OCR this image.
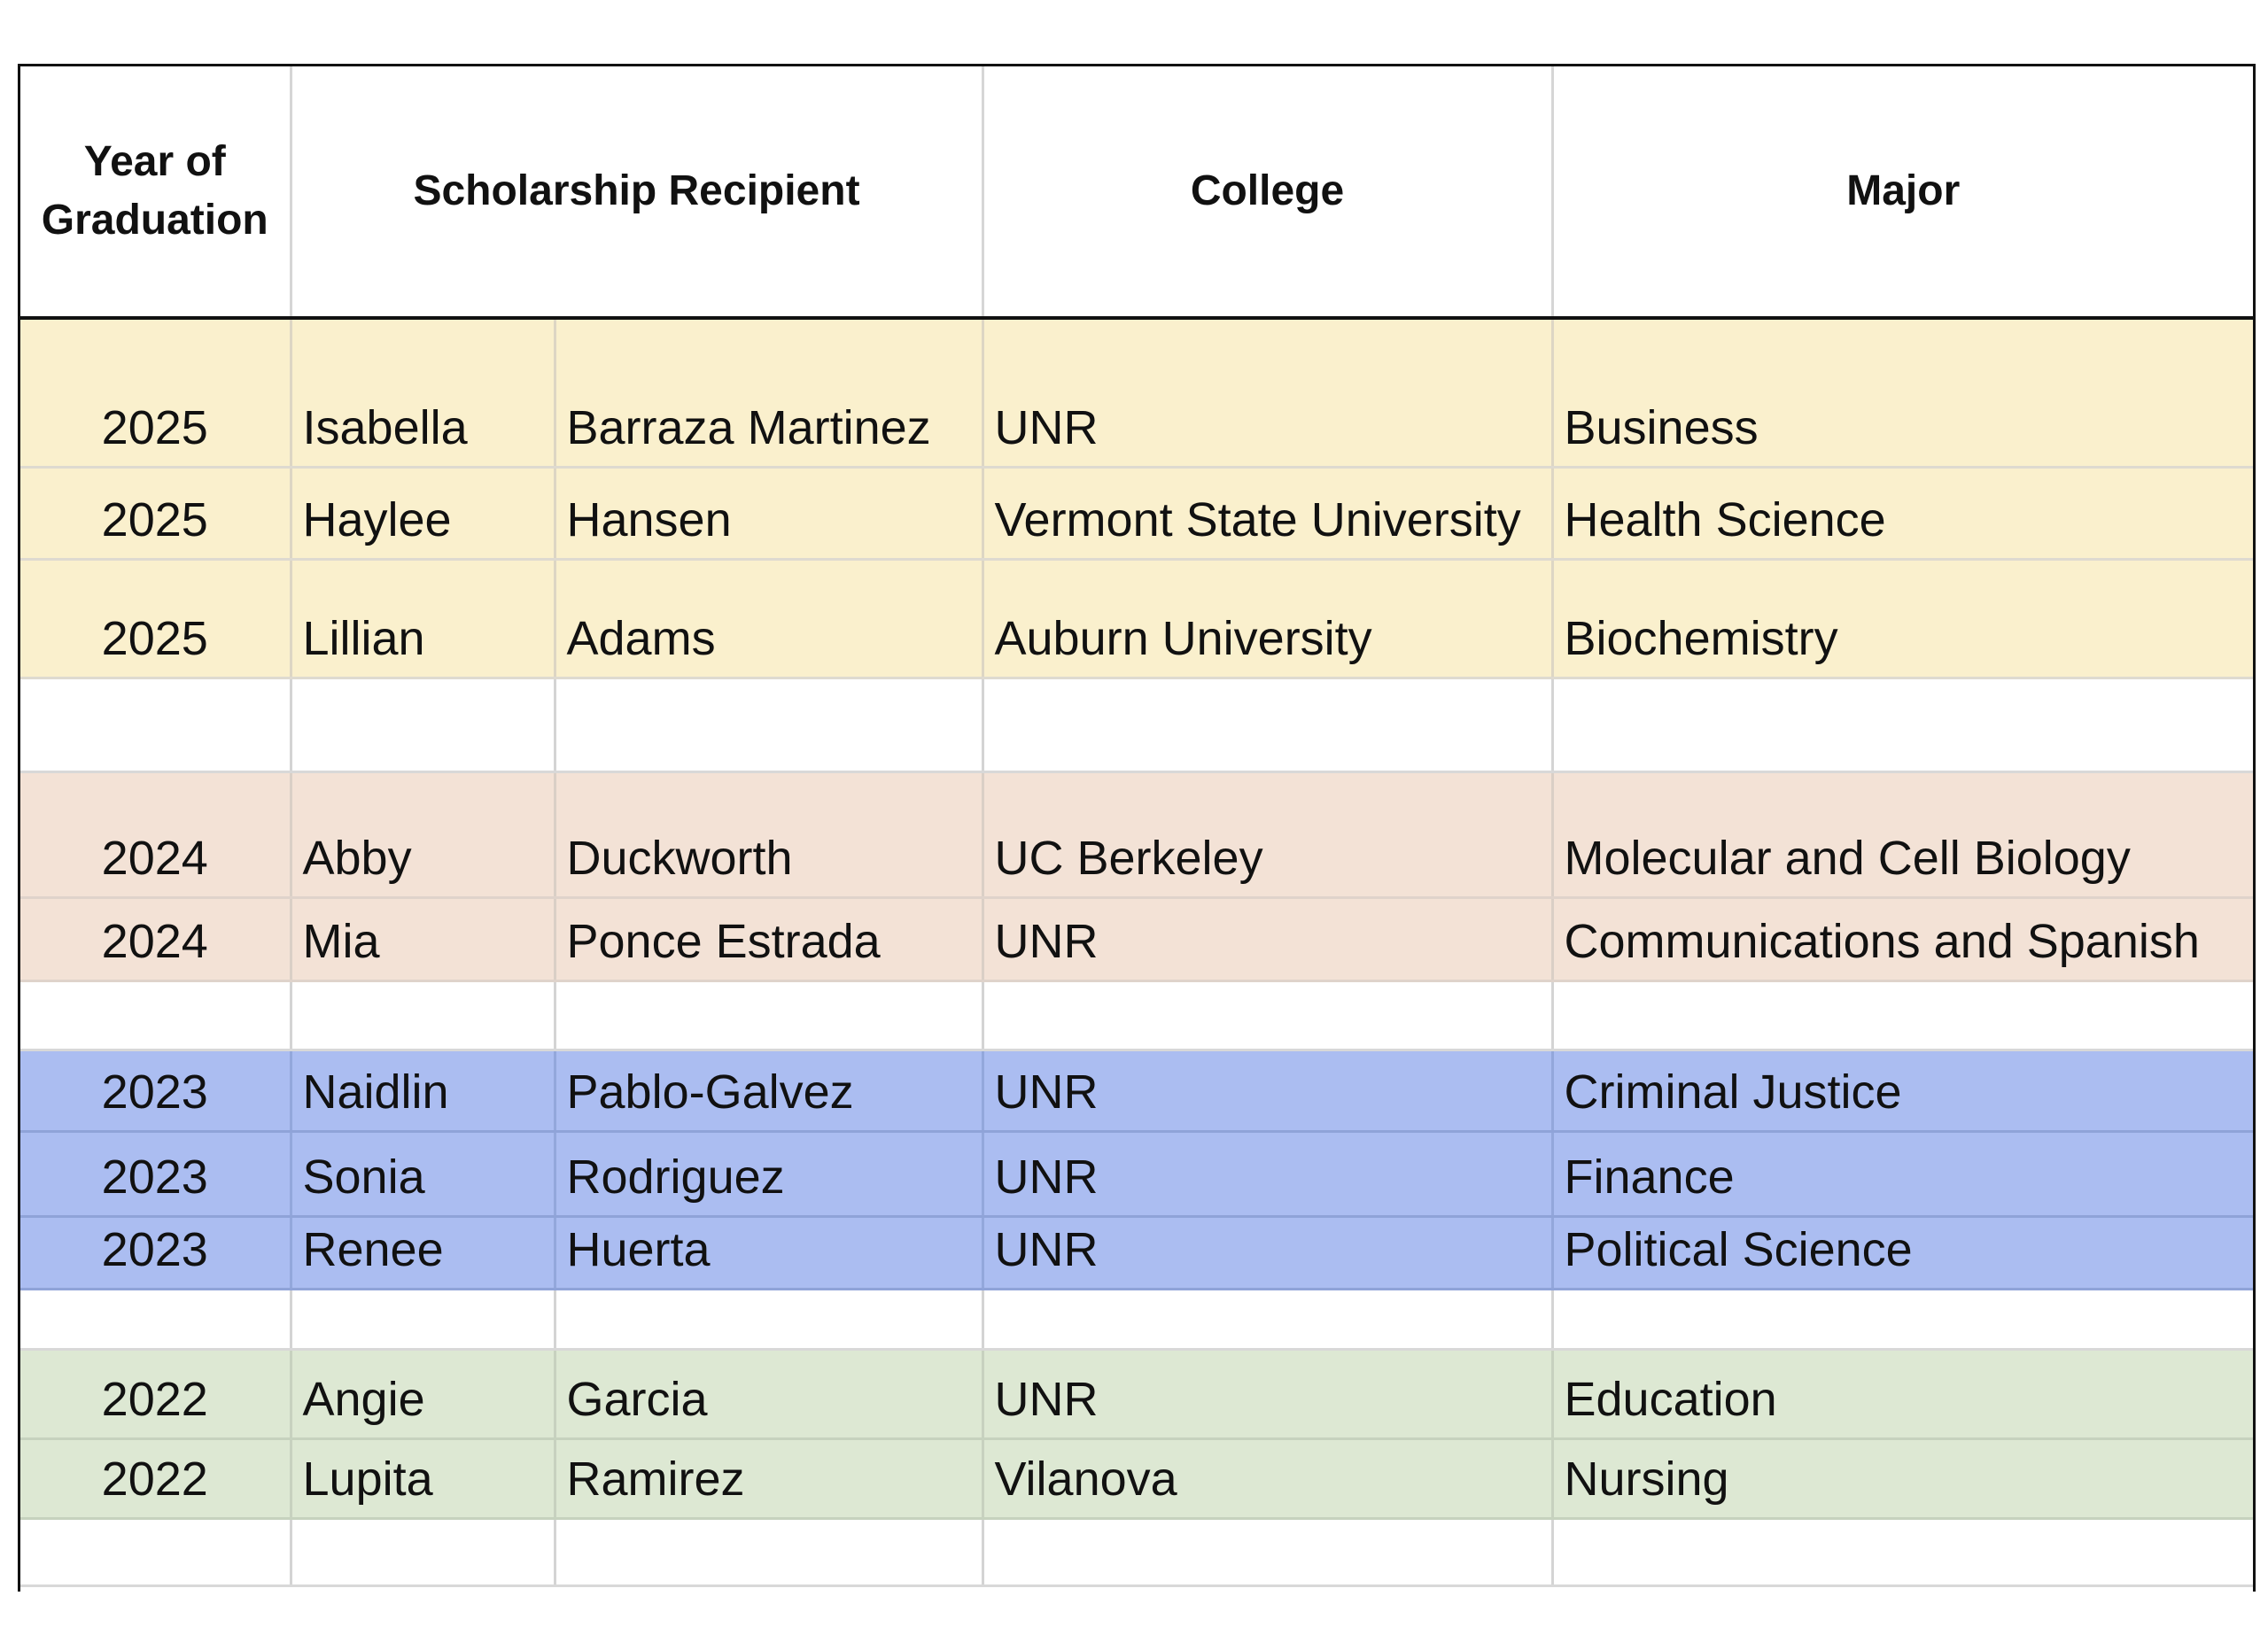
Year of
Graduation	Scholarship Recipient		College	Major
2025	Isabella	Barraza Martinez	UNR	Business
2025	Haylee	Hansen	Vermont State University	Health Science
2025	Lillian	Adams	Auburn University	Biochemistry

2024	Abby	Duckworth	UC Berkeley	Molecular and Cell Biology
2024	Mia	Ponce Estrada	UNR	Communications and Spanish

2023	Naidlin	Pablo-Galvez	UNR	Criminal Justice
2023	Sonia	Rodriguez	UNR	Finance
2023	Renee	Huerta	UNR	Political Science

2022	Angie	Garcia	UNR	Education
2022	Lupita	Ramirez	Vilanova	Nursing
